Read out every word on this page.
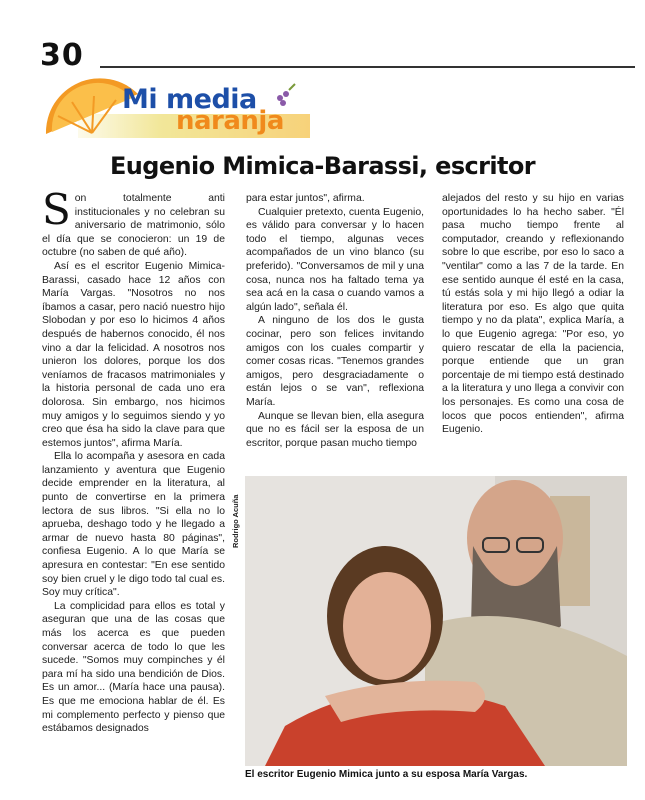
30
Mi media
naranja
Eugenio Mimica-Barassi, escritor

Son totalmente anti institucionales y no celebran su aniversario de matrimonio, sólo el día que se conocieron: un 19 de octubre (no saben de qué año).

Así es el escritor Eugenio Mimica-Barassi, casado hace 12 años con María Vargas. "Nosotros no nos íbamos a casar, pero nació nuestro hijo Slobodan y por eso lo hicimos 4 años después de habernos conocido, él nos vino a dar la felicidad. A nosotros nos unieron los dolores, porque los dos veníamos de fracasos matrimoniales y la historia personal de cada uno era dolorosa. Sin embargo, nos hicimos muy amigos y lo seguimos siendo y yo creo que ésa ha sido la clave para que estemos juntos", afirma María.

Ella lo acompaña y asesora en cada lanzamiento y aventura que Eugenio decide emprender en la literatura, al punto de convertirse en la primera lectora de sus libros. "Si ella no lo aprueba, deshago todo y he llegado a armar de nuevo hasta 80 páginas", confiesa Eugenio. A lo que María se apresura en contestar: "En ese sentido soy bien cruel y le digo todo tal cual es. Soy muy crítica".

La complicidad para ellos es total y aseguran que una de las cosas que más los acerca es que pueden conversar acerca de todo lo que les sucede. "Somos muy compinches y él para mí ha sido una bendición de Dios. Es un amor... (María hace una pausa). Es que me emociona hablar de él. Es mi complemento perfecto y pienso que estábamos designados

para estar juntos", afirma.

Cualquier pretexto, cuenta Eugenio, es válido para conversar y lo hacen todo el tiempo, algunas veces acompañados de un vino blanco (su preferido). "Conversamos de mil y una cosa, nunca nos ha faltado tema ya sea acá en la casa o cuando vamos a algún lado", señala él.

A ninguno de los dos le gusta cocinar, pero son felices invitando amigos con los cuales compartir y comer cosas ricas. "Tenemos grandes amigos, pero desgraciadamente o están lejos o se van", reflexiona María.

Aunque se llevan bien, ella asegura que no es fácil ser la esposa de un escritor, porque pasan mucho tiempo

alejados del resto y su hijo en varias oportunidades lo ha hecho saber. "Él pasa mucho tiempo frente al computador, creando y reflexionando sobre lo que escribe, por eso lo saco a "ventilar" como a las 7 de la tarde. En ese sentido aunque él esté en la casa, tú estás sola y mi hijo llegó a odiar la literatura por eso. Es algo que quita tiempo y no da plata", explica María, a lo que Eugenio agrega: "Por eso, yo quiero rescatar de ella la paciencia, porque entiende que un gran porcentaje de mi tiempo está destinado a la literatura y uno llega a convivir con los personajes. Es como una cosa de locos que pocos entienden", afirma Eugenio.

Rodrigo Acuña
El escritor Eugenio Mimica junto a su esposa María Vargas.
